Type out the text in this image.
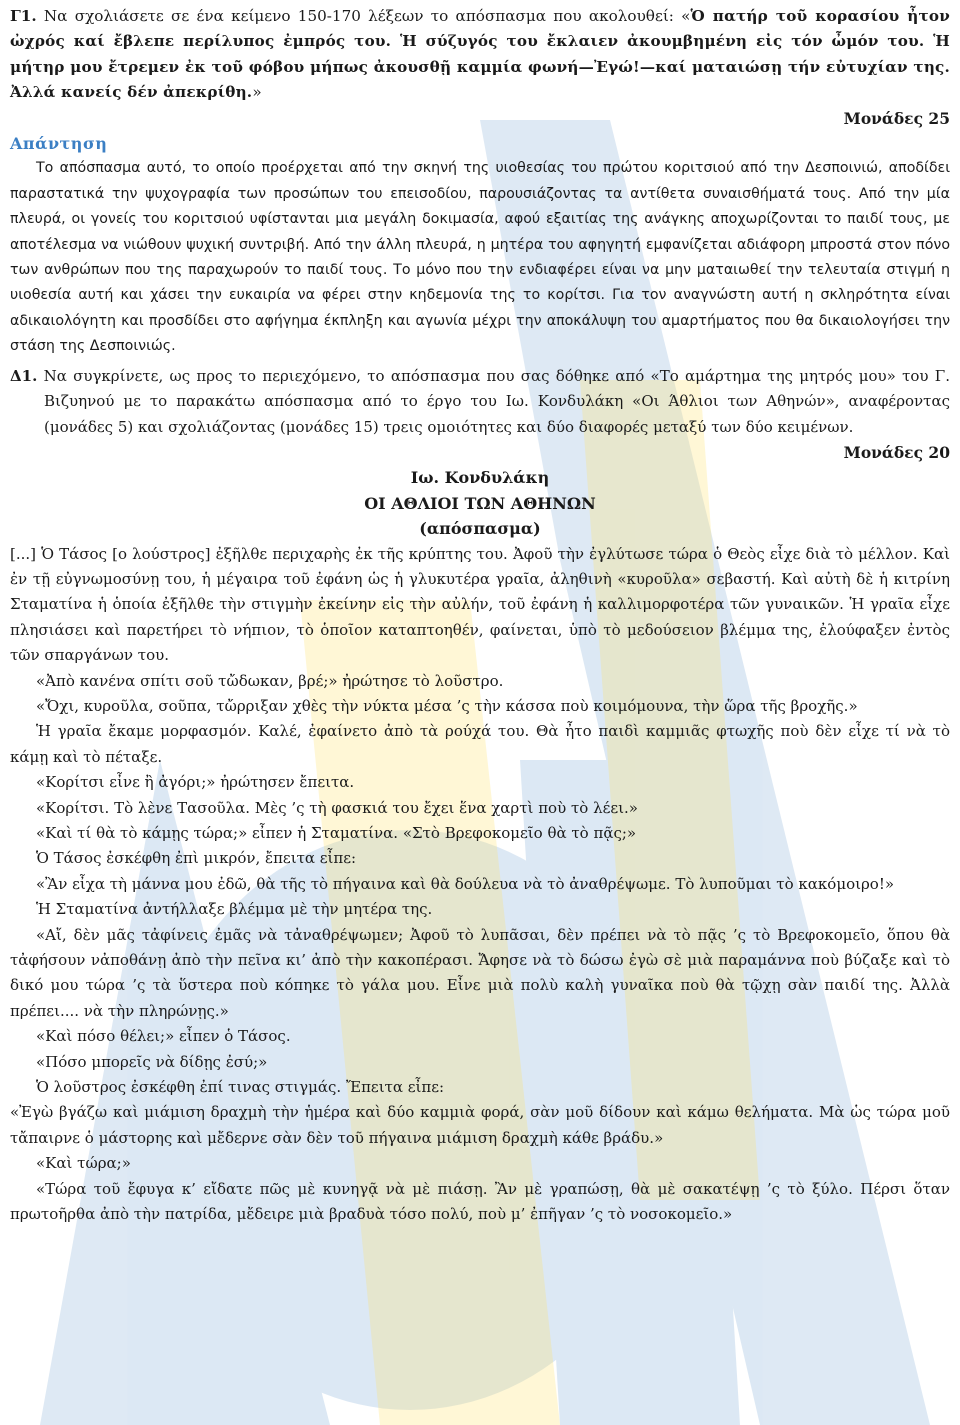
Γ1. Να σχολιάσετε σε ένα κείμενο 150-170 λέξεων το απόσπασμα που ακολουθεί: «Ὁ πατήρ τοῦ κορασίου ἦτον ὠχρός καί ἔβλεπε περίλυπος ἐμπρός του. Ἡ σύζυγός του ἔκλαιεν ἀκουμβημένη εἰς τόν ὦμόν του. Ἡ μήτηρ μου ἔτρεμεν ἐκ τοῦ φόβου μήπως ἀκουσθῇ καμμία φωνή—Ἐγώ!—καί ματαιώσῃ τήν εὐτυχίαν της. Ἀλλά κανείς δέν ἀπεκρίθη.»

Μονάδες 25

Απάντηση

Το απόσπασμα αυτό, το οποίο προέρχεται από την σκηνή της υιοθεσίας του πρώτου κοριτσιού από την Δεσποινιώ, αποδίδει παραστατικά την ψυχογραφία των προσώπων του επεισοδίου, παρουσιάζοντας τα αντίθετα συναισθήματά τους. Από την μία πλευρά, οι γονείς του κοριτσιού υφίστανται μια μεγάλη δοκιμασία, αφού εξαιτίας της ανάγκης αποχωρίζονται το παιδί τους, με αποτέλεσμα να νιώθουν ψυχική συντριβή. Από την άλλη πλευρά, η μητέρα του αφηγητή εμφανίζεται αδιάφορη μπροστά στον πόνο των ανθρώπων που της παραχωρούν το παιδί τους. Το μόνο που την ενδιαφέρει είναι να μην ματαιωθεί την τελευταία στιγμή η υιοθεσία αυτή και χάσει την ευκαιρία να φέρει στην κηδεμονία της το κορίτσι. Για τον αναγνώστη αυτή η σκληρότητα είναι αδικαιολόγητη και προσδίδει στο αφήγημα έκπληξη και αγωνία μέχρι την αποκάλυψη του αμαρτήματος που θα δικαιολογήσει την στάση της Δεσποινιώς.

Δ1. Να συγκρίνετε, ως προς το περιεχόμενο, το απόσπασμα που σας δόθηκε από «Το αμάρτημα της μητρός μου» του Γ. Βιζυηνού με το παρακάτω απόσπασμα από το έργο του Ιω. Κονδυλάκη «Οι Άθλιοι των Αθηνών», αναφέροντας (μονάδες 5) και σχολιάζοντας (μονάδες 15) τρεις ομοιότητες και δύο διαφορές μεταξύ των δύο κειμένων.

Μονάδες 20

Ιω. Κονδυλάκη

ΟΙ ΑΘΛΙΟΙ ΤΩΝ ΑΘΗΝΩΝ

(απόσπασμα)

[...] Ὁ Τάσος [ο λούστρος] ἐξῆλθε περιχαρὴς ἐκ τῆς κρύπτης του. Ἀφοῦ τὴν ἐγλύτωσε τώρα ὁ Θεὸς εἶχε διὰ τὸ μέλλον. Καὶ ἐν τῇ εὐγνωμοσύνῃ του, ἡ μέγαιρα τοῦ ἐφάνη ὡς ἡ γλυκυτέρα γραῖα, ἀληθινὴ «κυροῦλα» σεβαστή. Καὶ αὐτὴ δὲ ἡ κιτρίνη Σταματίνα ἡ ὁποία ἐξῆλθε τὴν στιγμὴν ἐκείνην εἰς τὴν αὐλήν, τοῦ ἐφάνη ἡ καλλιμορφοτέρα τῶν γυναικῶν. Ἡ γραῖα εἶχε πλησιάσει καὶ παρετήρει τὸ νήπιον, τὸ ὁποῖον καταπτοηθέν, φαίνεται, ὑπὸ τὸ μεδούσειον βλέμμα της, ἐλούφαξεν ἐντὸς τῶν σπαργάνων του.

«Ἀπὸ κανένα σπίτι σοῦ τὤδωκαν, βρέ;» ἠρώτησε τὸ λοῦστρο.

«Ὄχι, κυροῦλα, σοῦπα, τὤρριξαν χθὲς τὴν νύκτα μέσα ’ς τὴν κάσσα ποὺ κοιμόμουνα, τὴν ὥρα τῆς βροχῆς.»

Ἡ γραῖα ἔκαμε μορφασμόν. Καλέ, ἐφαίνετο ἀπὸ τὰ ρούχά του. Θὰ ἦτο παιδὶ καμμιᾶς φτωχῆς ποὺ δὲν εἶχε τί νὰ τὸ κάμῃ καὶ τὸ πέταξε.

«Κορίτσι εἶνε ἢ ἀγόρι;» ἠρώτησεν ἔπειτα.

«Κορίτσι. Τὸ λὲνε Τασοῦλα. Μὲς ’ς τὴ φασκιά του ἔχει ἕνα χαρτὶ ποὺ τὸ λέει.»

«Καὶ τί θὰ τὸ κάμῃς τώρα;» εἶπεν ἡ Σταματίνα. «Στὸ Βρεφοκομεῖο θὰ τὸ πᾷς;»

Ὁ Τάσος ἐσκέφθη ἐπὶ μικρόν, ἔπειτα εἶπε:

«Ἂν εἶχα τὴ μάννα μου ἐδῶ, θὰ τῆς τὸ πήγαινα καὶ θὰ δούλευα νὰ τὸ ἀναθρέψωμε. Τὸ λυποῦμαι τὸ κακόμοιρο!»

Ἡ Σταματίνα ἀντήλλαξε βλέμμα μὲ τὴν μητέρα της.

«Αἴ, δὲν μᾶς τἀφίνεις ἐμᾶς νὰ τἀναθρέψωμεν; Ἀφοῦ τὸ λυπᾶσαι, δὲν πρέπει νὰ τὸ πᾷς ’ς τὸ Βρεφοκομεῖο, ὅπου θὰ τἀφήσουν νἀποθάνῃ ἀπὸ τὴν πεῖνα κι’ ἀπὸ τὴν κακοπέρασι. Ἄφησε νὰ τὸ δώσω ἐγὼ σὲ μιὰ παραμάννα ποὺ βύζαξε καὶ τὸ δικό μου τώρα ’ς τὰ ὕστερα ποὺ κόπηκε τὸ γάλα μου. Εἶνε μιὰ πολὺ καλὴ γυναῖκα ποὺ θὰ τῷχῃ σὰν παιδί της. Ἀλλὰ πρέπει.... νὰ τὴν πληρώνῃς.»

«Καὶ πόσο θέλει;» εἶπεν ὁ Τάσος.

«Πόσο μπορεῖς νὰ δίδῃς ἐσύ;»

Ὁ λοῦστρος ἐσκέφθη ἐπί τινας στιγμάς. Ἔπειτα εἶπε:

«Ἐγὼ βγάζω καὶ μιάμιση δραχμὴ τὴν ἡμέρα καὶ δύο καμμιὰ φορά, σὰν μοῦ δίδουν καὶ κάμω θελήματα. Μὰ ὡς τώρα μοῦ τἄπαιρνε ὁ μάστορης καὶ μἔδερνε σὰν δὲν τοῦ πήγαινα μιάμιση δραχμὴ κάθε βράδυ.»

«Καὶ τώρα;»

«Τώρα τοῦ ἔφυγα κ’ εἴδατε πῶς μὲ κυνηγᾷ νὰ μὲ πιάσῃ. Ἂν μὲ γραπώσῃ, θὰ μὲ σακατέψῃ ’ς τὸ ξύλο. Πέρσι ὅταν πρωτοῆρθα ἀπὸ τὴν πατρίδα, μἔδειρε μιὰ βραδυὰ τόσο πολύ, ποὺ μ’ ἐπῆγαν ’ς τὸ νοσοκομεῖο.»
